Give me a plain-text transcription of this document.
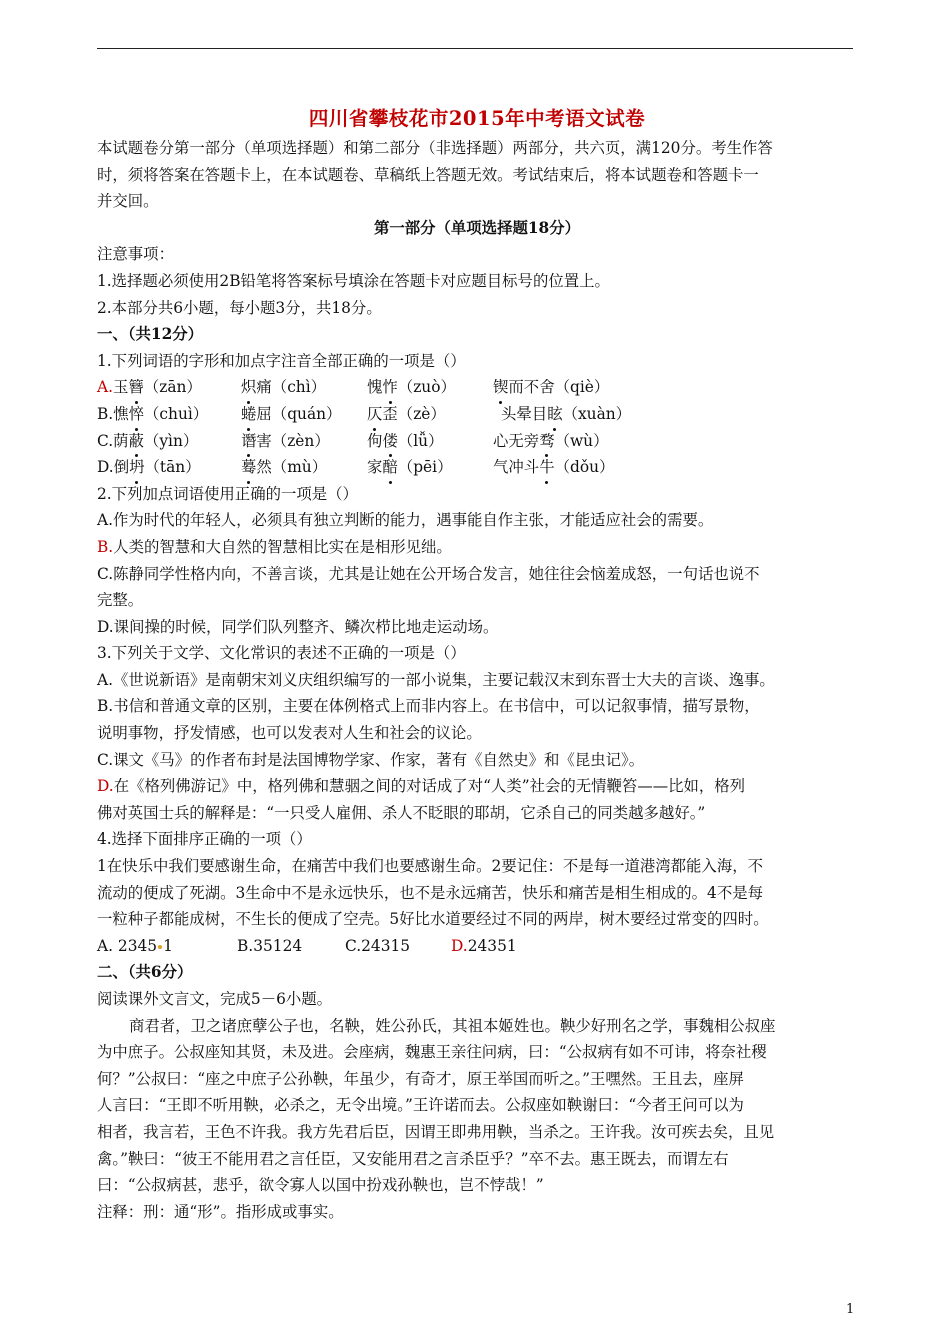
四川省攀枝花市2015年中考语文试卷
本试题卷分第一部分（单项选择题）和第二部分（非选择题）两部分，共六页，满120分。考生作答
时，须将答案在答题卡上，在本试题卷、草稿纸上答题无效。考试结束后，将本试题卷和答题卡一
并交回。
第一部分（单项选择题18分）
注意事项：
1.选择题必须使用2B铅笔将答案标号填涂在答题卡对应题目标号的位置上。
2.本部分共6小题，每小题3分，共18分。
一、（共12分）
1.下列词语的字形和加点字注音全部正确的一项是（）
A.玉簪（zān）	炽痛（chì）	愧怍（zuò）	锲而不舍（qiè）
B.憔悴（chuì）	蜷屈（quán）	仄歪（zè）	头晕目眩（xuàn）
C.荫蔽（yìn）	谮害（zèn）	佝偻（lǚ）	心无旁骛（wù）
D.倒坍（tān）	蓦然（mù）	家醅（pēi）	气冲斗牛（dǒu）
2.下列加点词语使用正确的一项是（）
A.作为时代的年轻人，必须具有独立判断的能力，遇事能自作主张，才能适应社会的需要。
B.人类的智慧和大自然的智慧相比实在是相形见绌。
C.陈静同学性格内向，不善言谈，尤其是让她在公开场合发言，她往往会恼羞成怒，一句话也说不
完整。
D.课间操的时候，同学们队列整齐、鳞次栉比地走运动场。
3.下列关于文学、文化常识的表述不正确的一项是（）
A.《世说新语》是南朝宋刘义庆组织编写的一部小说集，主要记载汉末到东晋士大夫的言谈、逸事。
B.书信和普通文章的区别，主要在体例格式上而非内容上。在书信中，可以记叙事情，描写景物，
说明事物，抒发情感，也可以发表对人生和社会的议论。
C.课文《马》的作者布封是法国博物学家、作家，著有《自然史》和《昆虫记》。
D.在《格列佛游记》中，格列佛和慧骃之间的对话成了对“人类”社会的无情鞭笞——比如，格列
佛对英国士兵的解释是：“一只受人雇佣、杀人不眨眼的耶胡，它杀自己的同类越多越好。”
4.选择下面排序正确的一项（）
1在快乐中我们要感谢生命，在痛苦中我们也要感谢生命。2要记住：不是每一道港湾都能入海，不
流动的便成了死湖。3生命中不是永远快乐，也不是永远痛苦，快乐和痛苦是相生相成的。4不是每
一粒种子都能成树，不生长的便成了空壳。5好比水道要经过不同的两岸，树木要经过常变的四时。
A. 2345 1	B.35124	C.24315	D.24351
二、（共6分）
阅读课外文言文，完成5－6小题。
商君者，卫之诸庶孽公子也，名鞅，姓公孙氏，其祖本姬姓也。鞅少好刑名之学，事魏相公叔座
为中庶子。公叔座知其贤，未及进。会座病，魏惠王亲往问病，曰：“公叔病有如不可讳，将奈社稷
何？”公叔曰：“座之中庶子公孙鞅，年虽少，有奇才，原王举国而听之。”王嘿然。王且去，座屏
人言曰：“王即不听用鞅，必杀之，无令出境。”王许诺而去。公叔座如鞅谢曰：“今者王问可以为
相者，我言若，王色不许我。我方先君后臣，因谓王即弗用鞅，当杀之。王许我。汝可疾去矣，且见
禽。”鞅曰：“彼王不能用君之言任臣，又安能用君之言杀臣乎？”卒不去。惠王既去，而谓左右
曰：“公叔病甚，悲乎，欲令寡人以国中扮戏孙鞅也，岂不悖哉！”
注释：刑：通“形”。指形成或事实。
1
